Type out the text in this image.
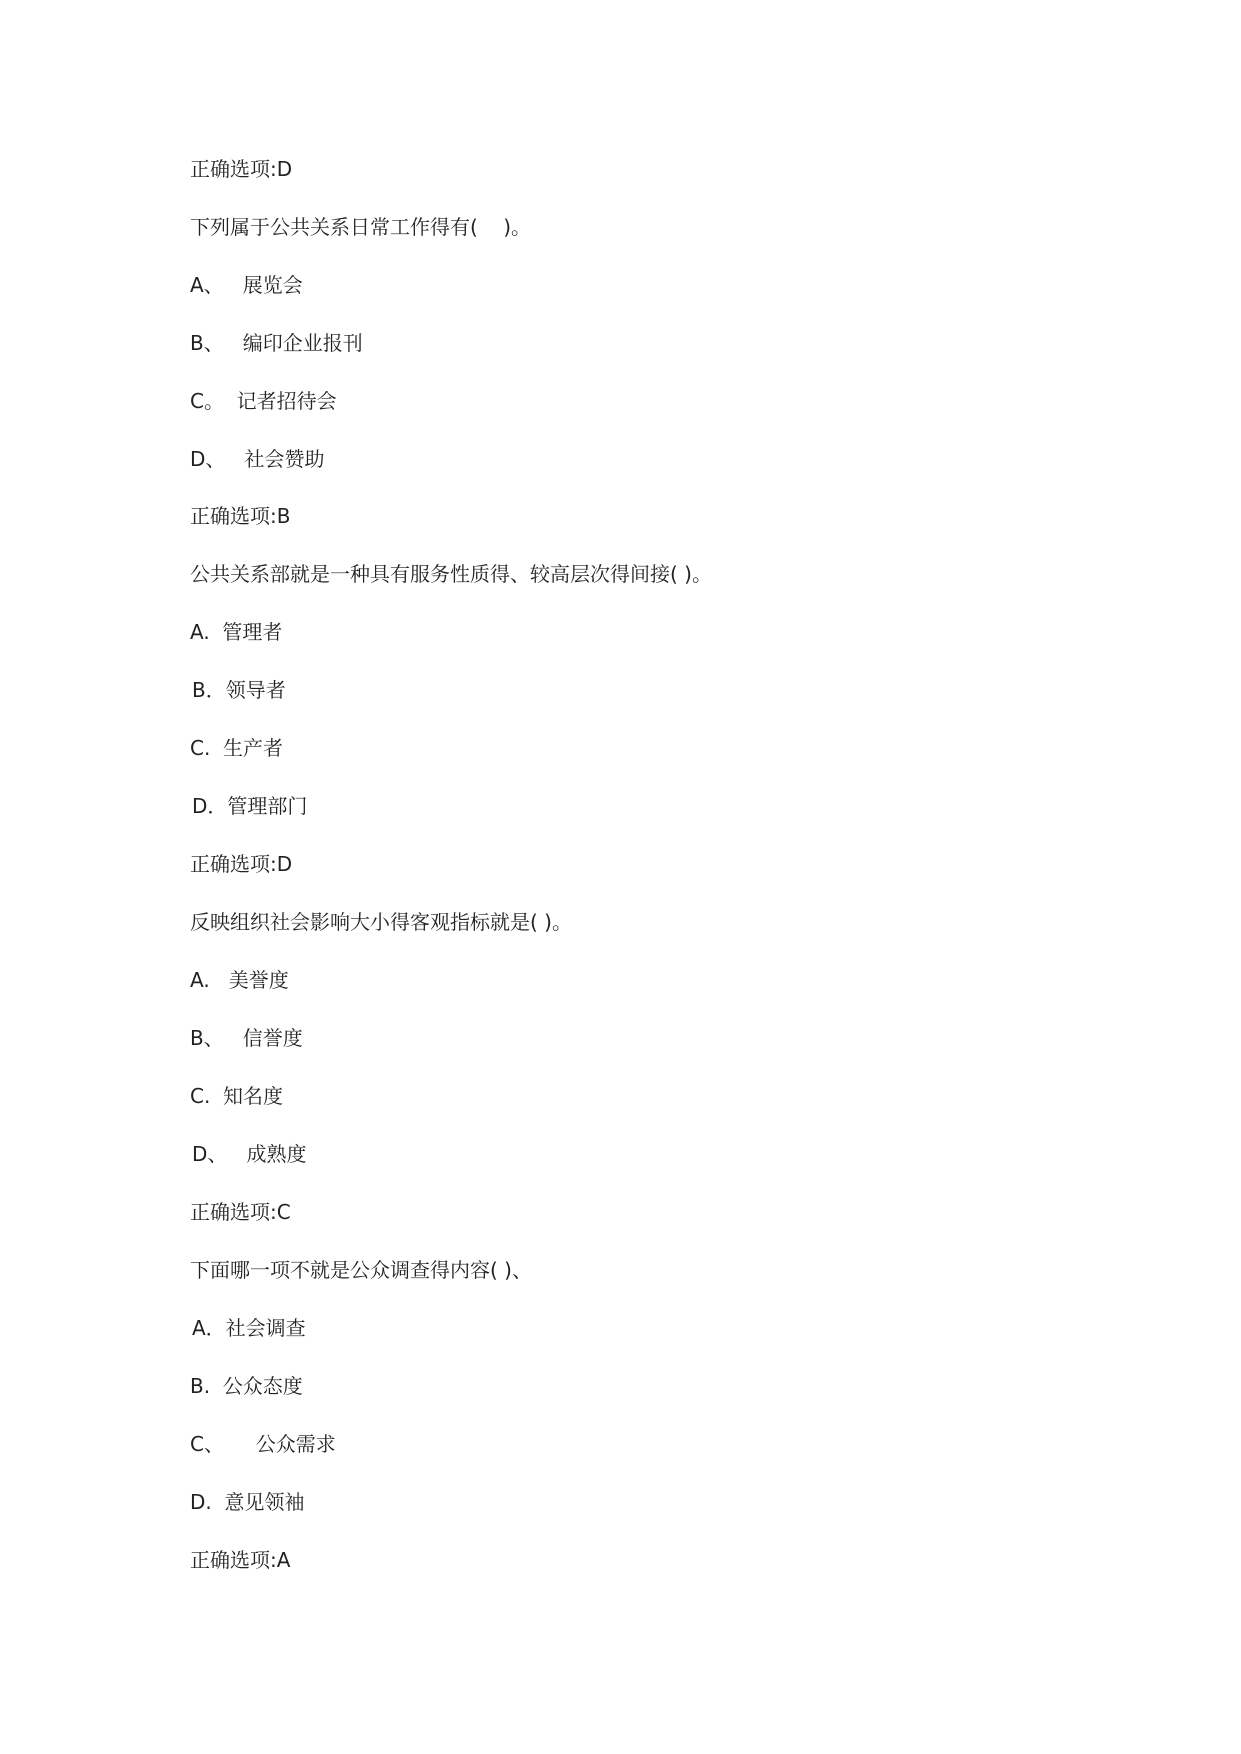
正确选项:D
下列属于公共关系日常工作得有(    )。
A、   展览会
B、   编印企业报刊
C。  记者招待会
D、   社会赞助
正确选项:B
公共关系部就是一种具有服务性质得、较高层次得间接( )。
A.  管理者
B．领导者
C.  生产者
D．管理部门
正确选项:D
反映组织社会影响大小得客观指标就是( )。
A.   美誉度
B、   信誉度
C.  知名度
D、   成熟度
正确选项:C
下面哪一项不就是公众调查得内容( )、
A．社会调查
B.  公众态度
C、     公众需求
D.  意见领袖
正确选项:A
